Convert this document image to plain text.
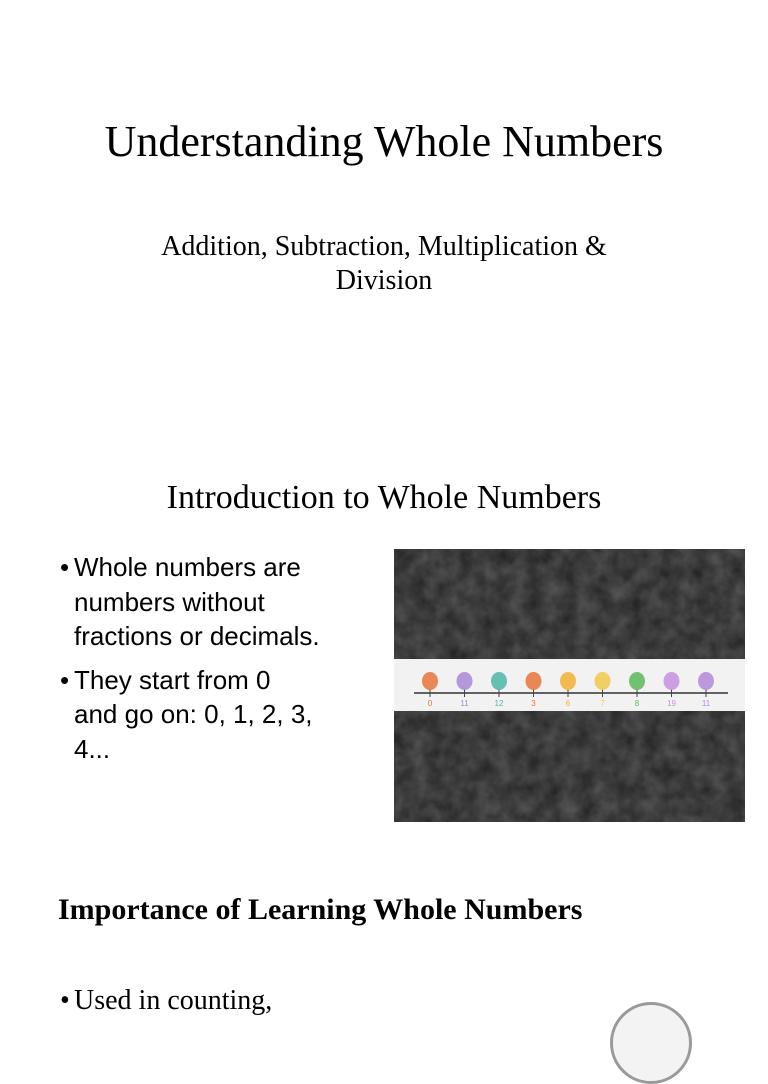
Understanding Whole Numbers

Addition, Subtraction, Multiplication & Division

Introduction to Whole Numbers
• Whole numbers are numbers without fractions or decimals.
• They start from 0 and go on: 0, 1, 2, 3, 4...
0	11	12	3	6	7	8	19	11
Importance of Learning Whole Numbers
• Used in counting,
